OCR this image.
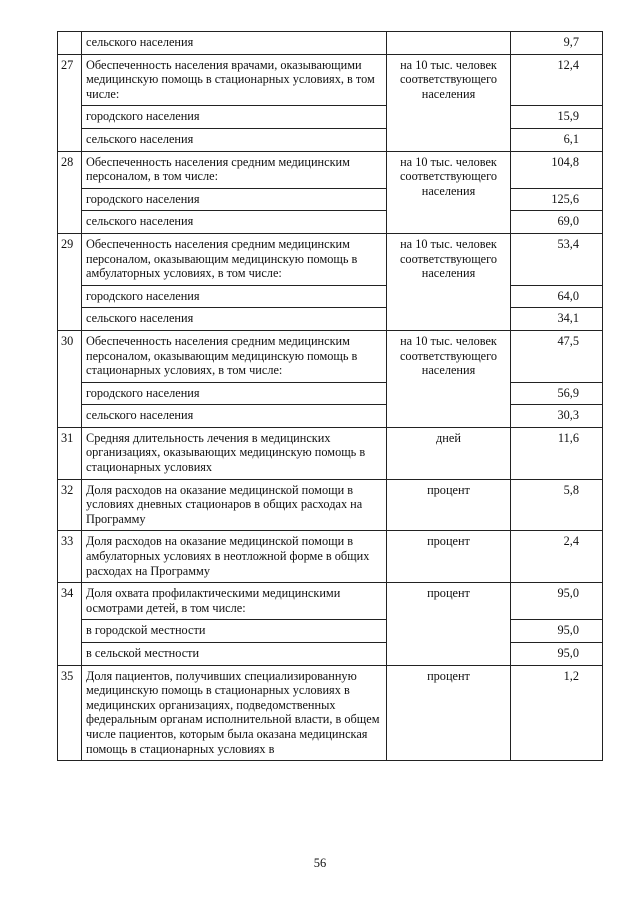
	сельского населения		9,7
27	Обеспеченность населения врачами, оказывающими медицинскую помощь в стационарных условиях, в том числе:	на 10 тыс. человек соответствующего населения	12,4
	городского населения		15,9
	сельского населения		6,1
28	Обеспеченность населения средним медицинским персоналом, в том числе:	на 10 тыс. человек соответствующего населения	104,8
	городского населения		125,6
	сельского населения		69,0
29	Обеспеченность населения средним медицинским персоналом, оказывающим медицинскую помощь в амбулаторных условиях, в том числе:	на 10 тыс. человек соответствующего населения	53,4
	городского населения		64,0
	сельского населения		34,1
30	Обеспеченность населения средним медицинским персоналом, оказывающим медицинскую помощь в стационарных условиях, в том числе:	на 10 тыс. человек соответствующего населения	47,5
	городского населения		56,9
	сельского населения		30,3
31	Средняя длительность лечения в медицинских организациях, оказывающих медицинскую помощь в стационарных условиях	дней	11,6
32	Доля расходов на оказание медицинской помощи в условиях дневных стационаров в общих расходах на Программу	процент	5,8
33	Доля расходов на оказание медицинской помощи в амбулаторных условиях в неотложной форме в общих расходах на Программу	процент	2,4
34	Доля охвата профилактическими медицинскими осмотрами детей, в том числе:	процент	95,0
	в городской местности		95,0
	в сельской местности		95,0
35	Доля пациентов, получивших специализированную медицинскую помощь в стационарных условиях в медицинских организациях, подведомственных федеральным органам исполнительной власти, в общем числе пациентов, которым была оказана медицинская помощь в стационарных условиях в	процент	1,2
56
